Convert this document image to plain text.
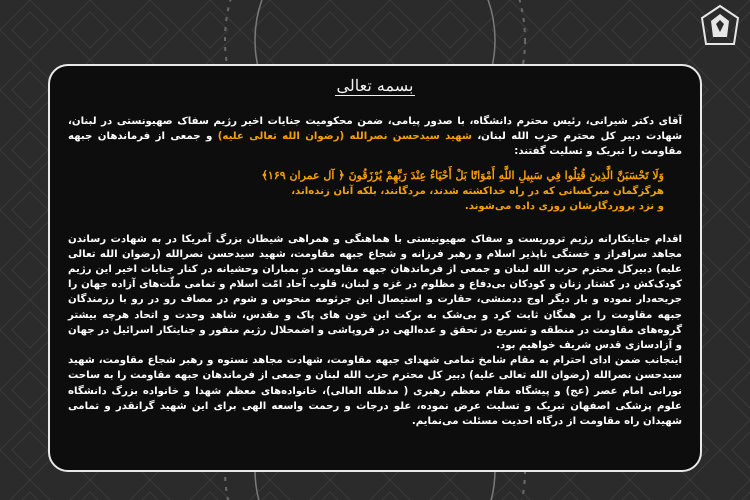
بسمه تعالی

آقای دکتر شیرانی، رئیس محترم دانشگاه، با صدور پیامی، ضمن محکومیت جنایات اخیر رژیم سفاک صهیونستی در لبنان، شهادت دبیر کل محترم حزب الله لبنان، شهید سیدحسن نصرالله (رضوان الله تعالی علیه) و جمعی از فرماندهان جبهه مقاومت را تبریک و تسلیت گفتند:

وَلَا تَحْسَبَنَّ الَّذِينَ قُتِلُوا فِي سَبِيلِ اللَّهِ أَمْوَاتًا بَلْ أَحْيَاءٌ عِنْدَ رَبِّهِمْ يُرْزَقُونَ ﴿ آل عمران ۱۶۹﴾
هرگزگمان مبرکسانی که در راه خداکشته شدند، مردگانند، بلکه آنان زنده‌اند،
و نزد پروردگارشان روزی داده می‌شوند.

اقدام جنایتکارانه رژیم تروریست و سفاک صهیونیستی با هماهنگی و همراهی شیطان بزرگ آمریکا در به شهادت رساندن مجاهد سرافراز و خستگی ناپذیر اسلام و رهبر فرزانه و شجاع جبهه مقاومت، شهید سیدحسن نصرالله (رضوان الله تعالی علیه) دبیرکل محترم حزب الله لبنان و جمعی از فرماندهان جبهه مقاومت در بمباران وحشیانه در کنار جنایات اخیر این رژیم کودک‌کش در کشتار زنان و کودکان بی‌دفاع و مظلوم در غزه و لبنان، قلوب آحاد امّت اسلام و تمامی ملّت‌های آزاده جهان را جریحه‌دار نموده و بار دیگر اوج ددمنشی، حقارت و استیصال این جرثومه منحوس و شوم در مصاف رو در رو با رزمندگان جبهه مقاومت را بر همگان ثابت کرد و بی‌شک به برکت این خون های پاک و مقدس، شاهد وحدت و اتحاد هرچه بیشتر گروه‌های مقاومت در منطقه و تسریع در تحقق و عده‌الهی در فروپاشی و اضمحلال رژیم منفور و جنایتکار اسرائیل در جهان و آزادسازی قدس شریف خواهیم بود.

اینجانب ضمن ادای احترام به مقام شامخ تمامی شهدای جبهه مقاومت، شهادت مجاهد نستوه و رهبر شجاع مقاومت، شهید سیدحسن نصرالله (رضوان الله تعالی علیه) دبیر کل محترم حزب الله لبنان و جمعی از فرماندهان جبهه مقاومت را به ساحت نورانی امام عصر (عج) و پیشگاه مقام معظم رهبری ( مدظله العالی)، خانواده‌های معظم شهدا و خانواده بزرگ دانشگاه علوم پزشکی اصفهان تبریک و تسلیت عرض نموده، علو درجات و رحمت واسعه الهی برای این شهید گرانقدر و تمامی شهیدان راه مقاومت از درگاه احدیت مسئلت می‌نمایم.
